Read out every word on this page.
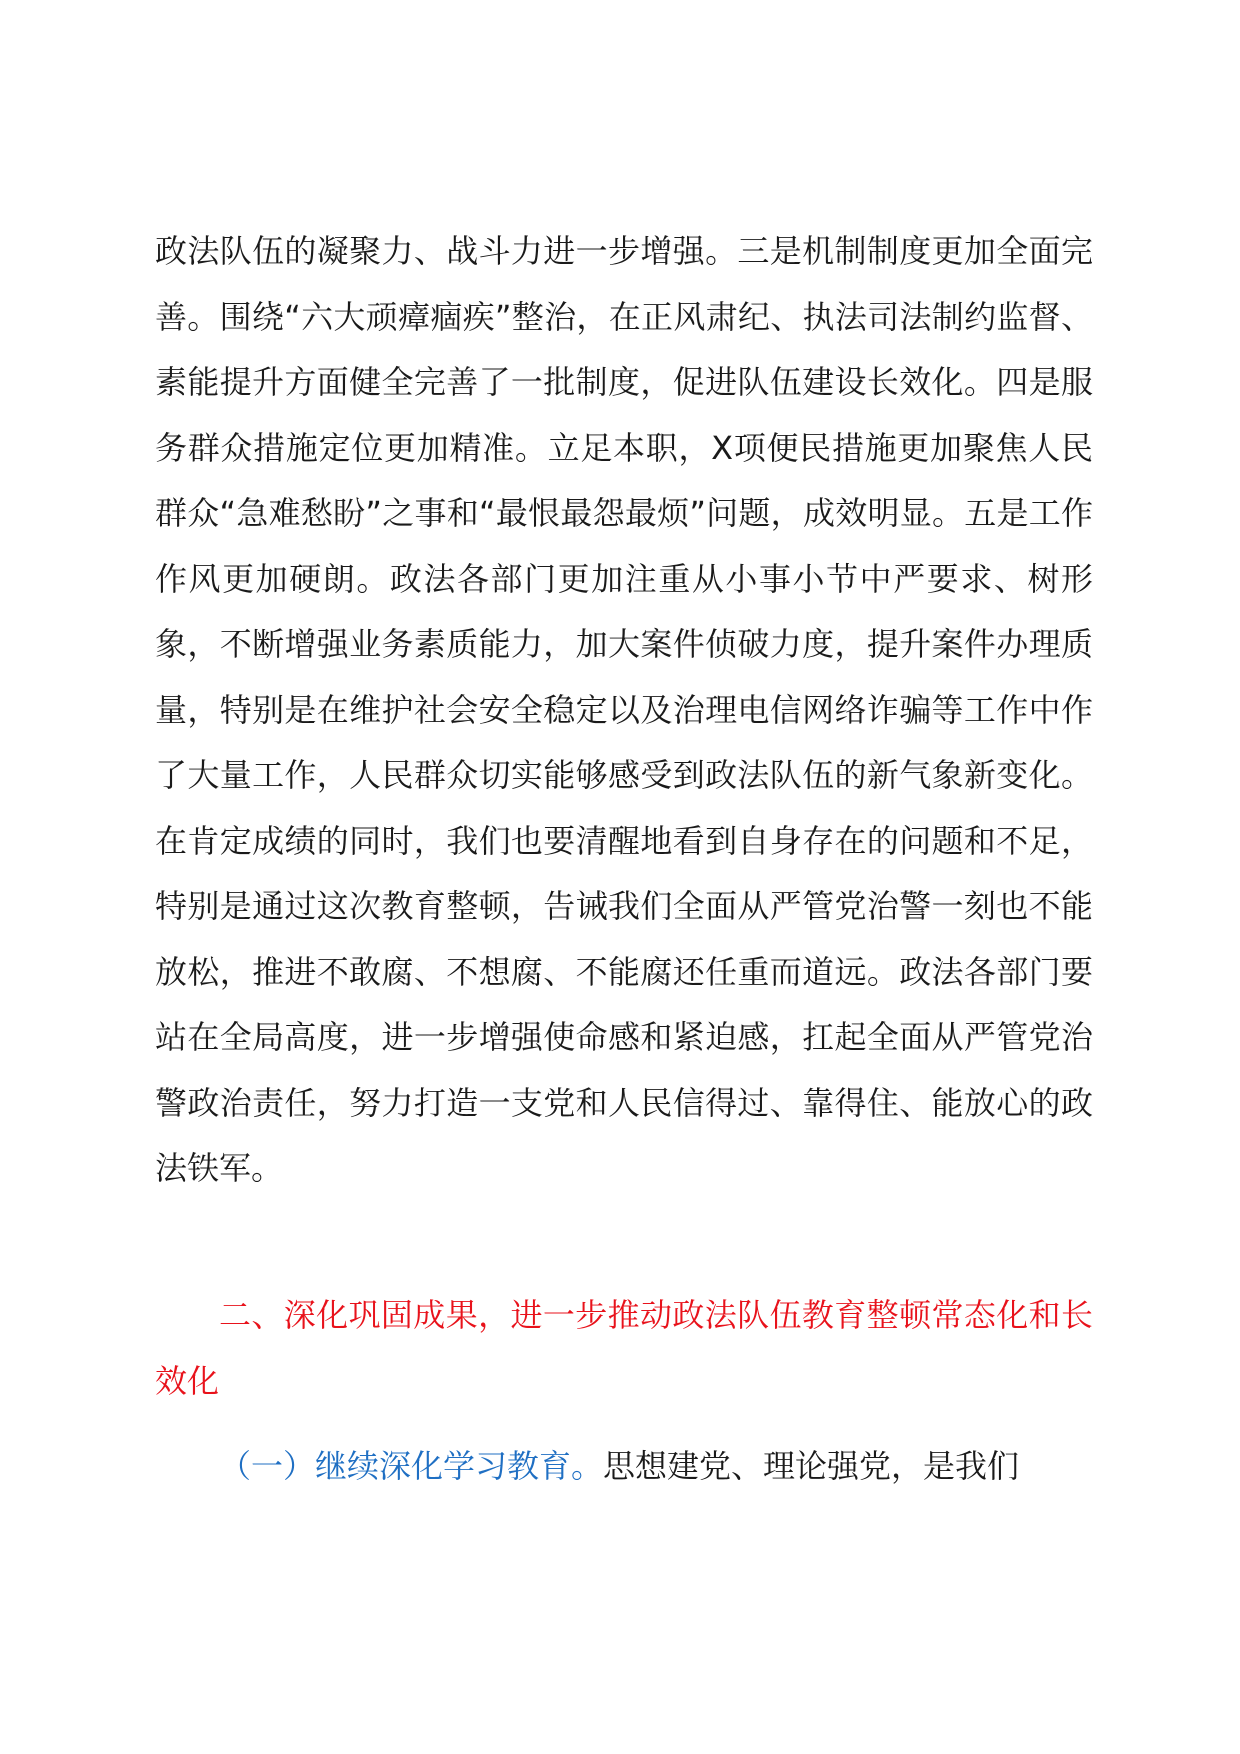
政法队伍的凝聚力、战斗力进一步增强。三是机制制度更加全面完善。围绕“六大顽瘴痼疾”整治，在正风肃纪、执法司法制约监督、素能提升方面健全完善了一批制度，促进队伍建设长效化。四是服务群众措施定位更加精准。立足本职，X项便民措施更加聚焦人民群众“急难愁盼”之事和“最恨最怨最烦”问题，成效明显。五是工作作风更加硬朗。政法各部门更加注重从小事小节中严要求、树形象，不断增强业务素质能力，加大案件侦破力度，提升案件办理质量，特别是在维护社会安全稳定以及治理电信网络诈骗等工作中作了大量工作，人民群众切实能够感受到政法队伍的新气象新变化。在肯定成绩的同时，我们也要清醒地看到自身存在的问题和不足，特别是通过这次教育整顿，告诫我们全面从严管党治警一刻也不能放松，推进不敢腐、不想腐、不能腐还任重而道远。政法各部门要站在全局高度，进一步增强使命感和紧迫感，扛起全面从严管党治警政治责任，努力打造一支党和人民信得过、靠得住、能放心的政法铁军。

二、深化巩固成果，进一步推动政法队伍教育整顿常态化和长效化

（一）继续深化学习教育。思想建党、理论强党，是我们
